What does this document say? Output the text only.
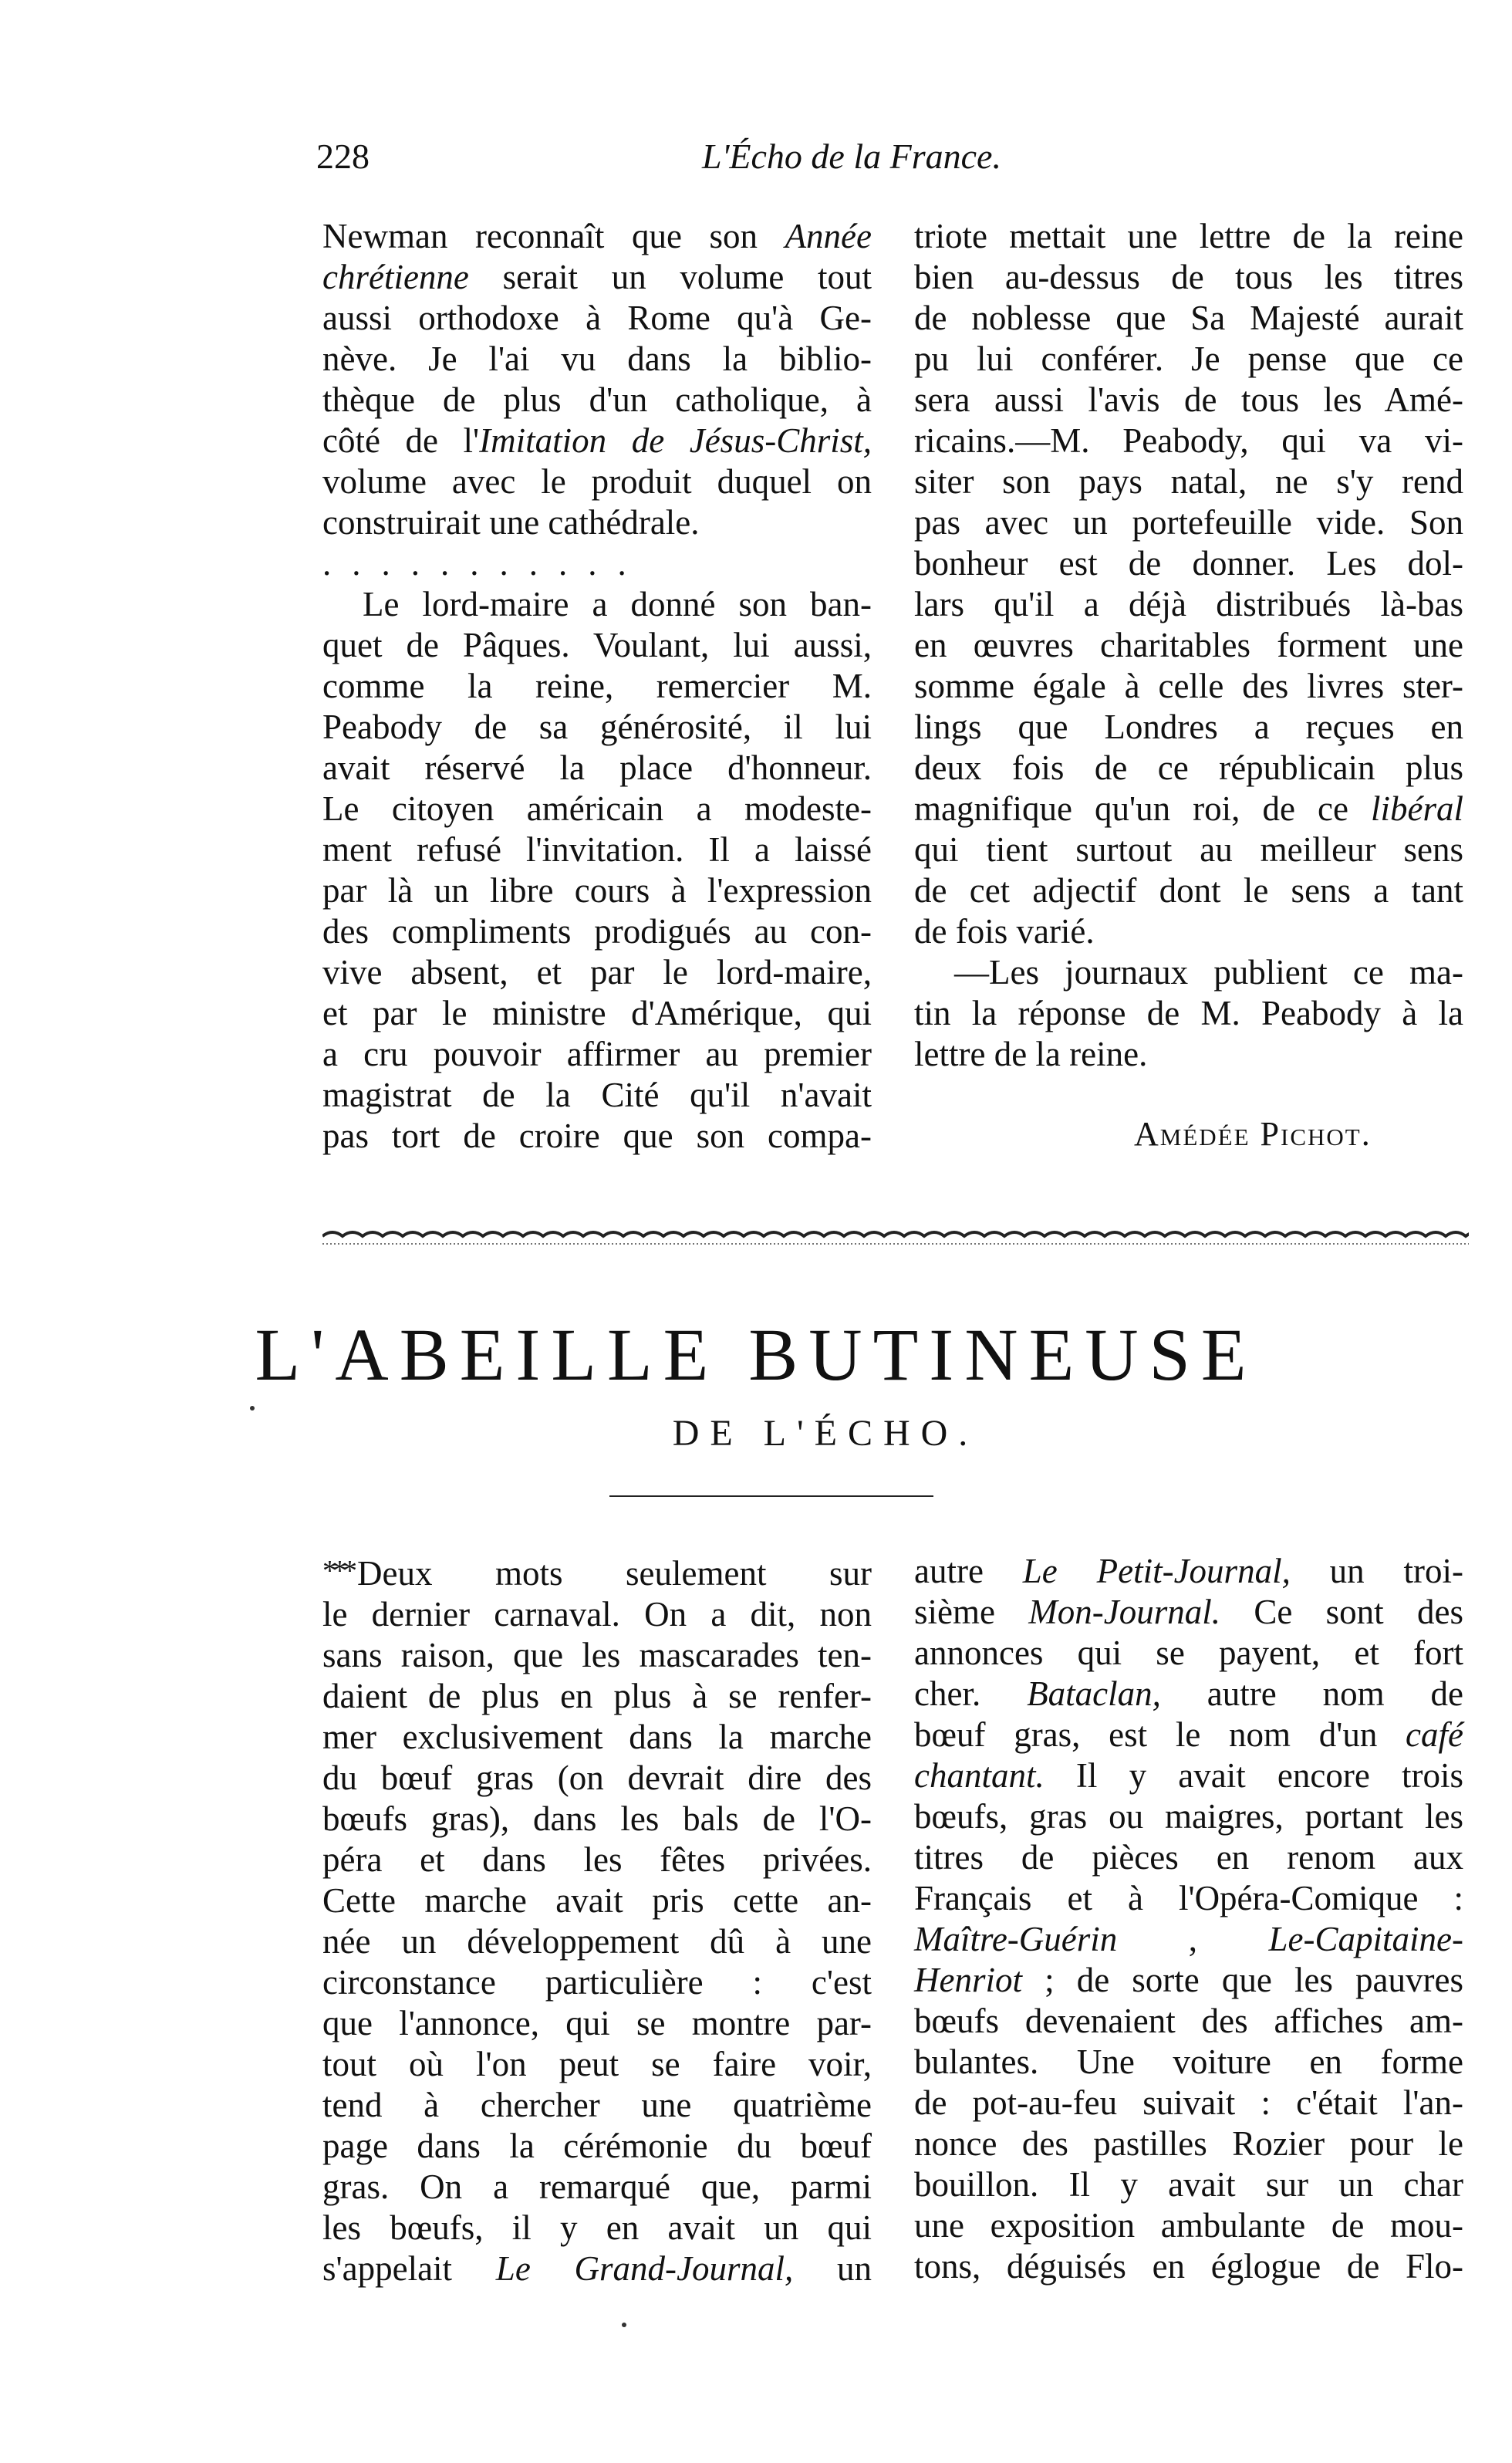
228	L'Écho de la France.
Newman reconnaît que son Année
chrétienne serait un volume tout
aussi orthodoxe à Rome qu'à Ge-
nève. Je l'ai vu dans la biblio-
thèque de plus d'un catholique, à
côté de l'Imitation de Jésus-Christ,
volume avec le produit duquel on
construirait une cathédrale.
...........
Le lord-maire a donné son ban-
quet de Pâques. Voulant, lui aussi,
comme la reine, remercier M.
Peabody de sa générosité, il lui
avait réservé la place d'honneur.
Le citoyen américain a modeste-
ment refusé l'invitation. Il a laissé
par là un libre cours à l'expression
des compliments prodigués au con-
vive absent, et par le lord-maire,
et par le ministre d'Amérique, qui
a cru pouvoir affirmer au premier
magistrat de la Cité qu'il n'avait
pas tort de croire que son compa-
triote mettait une lettre de la reine
bien au-dessus de tous les titres
de noblesse que Sa Majesté aurait
pu lui conférer. Je pense que ce
sera aussi l'avis de tous les Amé-
ricains.—M. Peabody, qui va vi-
siter son pays natal, ne s'y rend
pas avec un portefeuille vide. Son
bonheur est de donner. Les dol-
lars qu'il a déjà distribués là-bas
en œuvres charitables forment une
somme égale à celle des livres ster-
lings que Londres a reçues en
deux fois de ce républicain plus
magnifique qu'un roi, de ce libéral
qui tient surtout au meilleur sens
de cet adjectif dont le sens a tant
de fois varié.
—Les journaux publient ce ma-
tin la réponse de M. Peabody à la
lettre de la reine.
Amédée Pichot.
L'ABEILLE BUTINEUSE
DE L'ÉCHO.
*** Deux mots seulement sur
le dernier carnaval. On a dit, non
sans raison, que les mascarades ten-
daient de plus en plus à se renfer-
mer exclusivement dans la marche
du bœuf gras (on devrait dire des
bœufs gras), dans les bals de l'O-
péra et dans les fêtes privées.
Cette marche avait pris cette an-
née un développement dû à une
circonstance particulière : c'est
que l'annonce, qui se montre par-
tout où l'on peut se faire voir,
tend à chercher une quatrième
page dans la cérémonie du bœuf
gras. On a remarqué que, parmi
les bœufs, il y en avait un qui
s'appelait Le Grand-Journal, un
autre Le Petit-Journal, un troi-
sième Mon-Journal. Ce sont des
annonces qui se payent, et fort
cher. Bataclan, autre nom de
bœuf gras, est le nom d'un café
chantant. Il y avait encore trois
bœufs, gras ou maigres, portant les
titres de pièces en renom aux
Français et à l'Opéra-Comique :
Maître-Guérin , Le-Capitaine-
Henriot ; de sorte que les pauvres
bœufs devenaient des affiches am-
bulantes. Une voiture en forme
de pot-au-feu suivait : c'était l'an-
nonce des pastilles Rozier pour le
bouillon. Il y avait sur un char
une exposition ambulante de mou-
tons, déguisés en églogue de Flo-
